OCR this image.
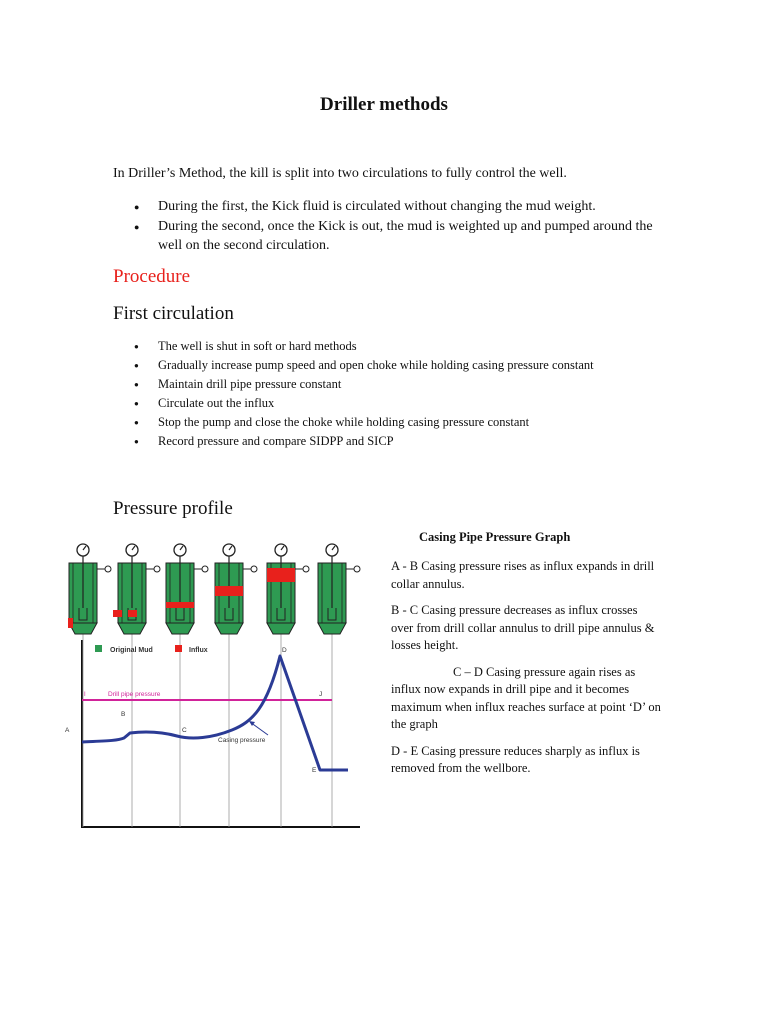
Driller methods
In Driller’s Method, the kill is split into two circulations to fully control the well.
● During the first, the Kick fluid is circulated without changing the mud weight.
● During the second, once the Kick is out, the mud is weighted up and pumped around the well on the second circulation.
Procedure
First circulation
● The well is shut in soft or hard methods
● Gradually increase pump speed and open choke while holding casing pressure constant
● Maintain drill pipe pressure constant
● Circulate out the influx
● Stop the pump and close the choke while holding casing pressure constant
● Record pressure and compare SIDPP and SICP
Pressure profile
Casing Pipe Pressure Graph

A - B Casing pressure rises as influx expands in drill collar annulus.

B - C Casing pressure decreases as influx crosses over from drill collar annulus to drill pipe annulus & losses height.

C – D Casing pressure again rises as influx now expands in drill pipe and it becomes maximum when influx reaches surface at point ‘D’ on the graph

D - E Casing pressure reduces sharply as influx is removed from the wellbore.

Original Mud	Influx
I	Drill pipe pressure	J
Casing pressure
A
B
C
D
E
